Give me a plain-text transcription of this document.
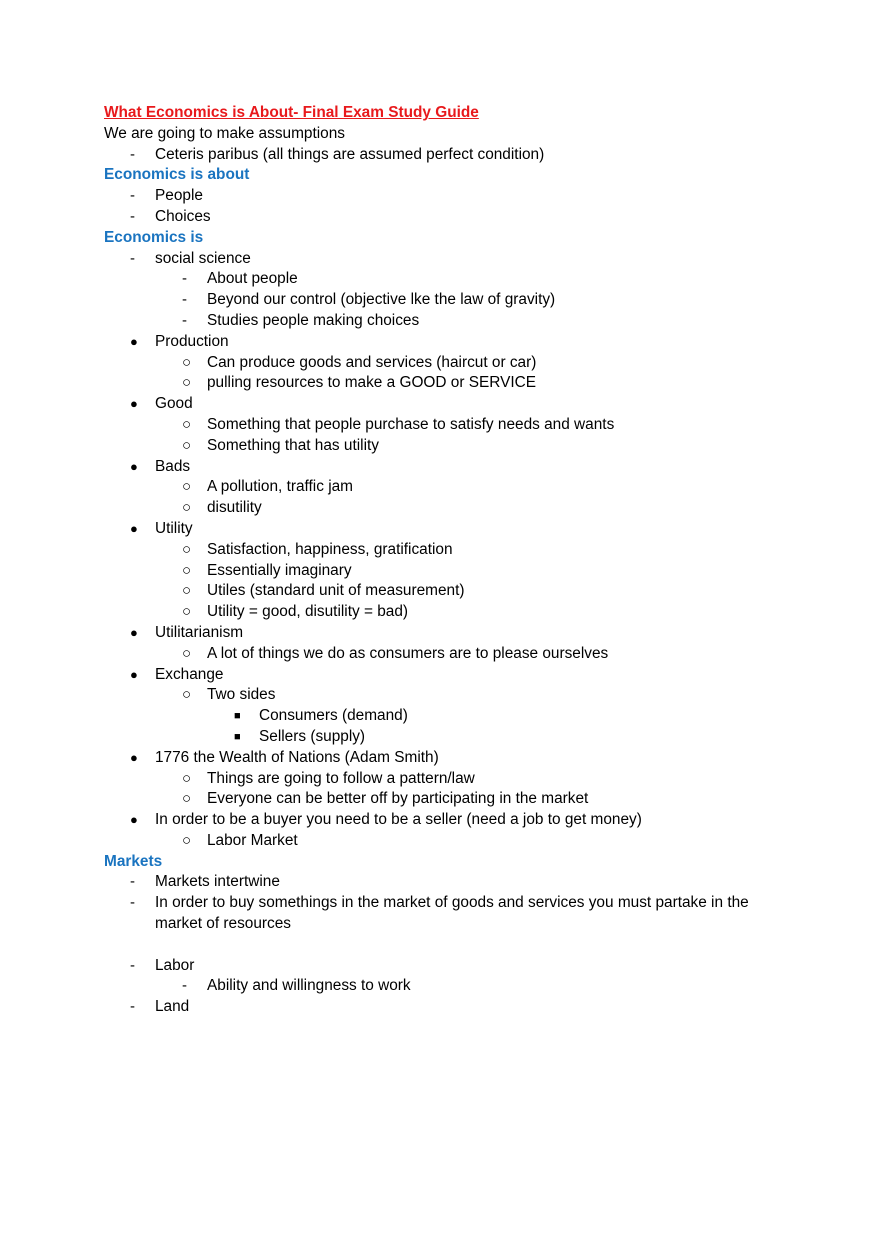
What Economics is About- Final Exam Study Guide
We are going to make assumptions
- Ceteris paribus (all things are assumed perfect condition)
Economics is about
- People
- Choices
Economics is
- social science
- About people
- Beyond our control (objective lke the law of gravity)
- Studies people making choices
● Production
○ Can produce goods and services (haircut or car)
○ pulling resources to make a GOOD or SERVICE
● Good
○ Something that people purchase to satisfy needs and wants
○ Something that has utility
● Bads
○ A pollution, traffic jam
○ disutility
● Utility
○ Satisfaction, happiness, gratification
○ Essentially imaginary
○ Utiles (standard unit of measurement)
○ Utility = good, disutility = bad)
● Utilitarianism
○ A lot of things we do as consumers are to please ourselves
● Exchange
○ Two sides
■ Consumers (demand)
■ Sellers (supply)
● 1776 the Wealth of Nations (Adam Smith)
○ Things are going to follow a pattern/law
○ Everyone can be better off by participating in the market
● In order to be a buyer you need to be a seller (need a job to get money)
○ Labor Market
Markets
- Markets intertwine
- In order to buy somethings in the market of goods and services you must partake in the
market of resources
- Labor
- Ability and willingness to work
- Land
